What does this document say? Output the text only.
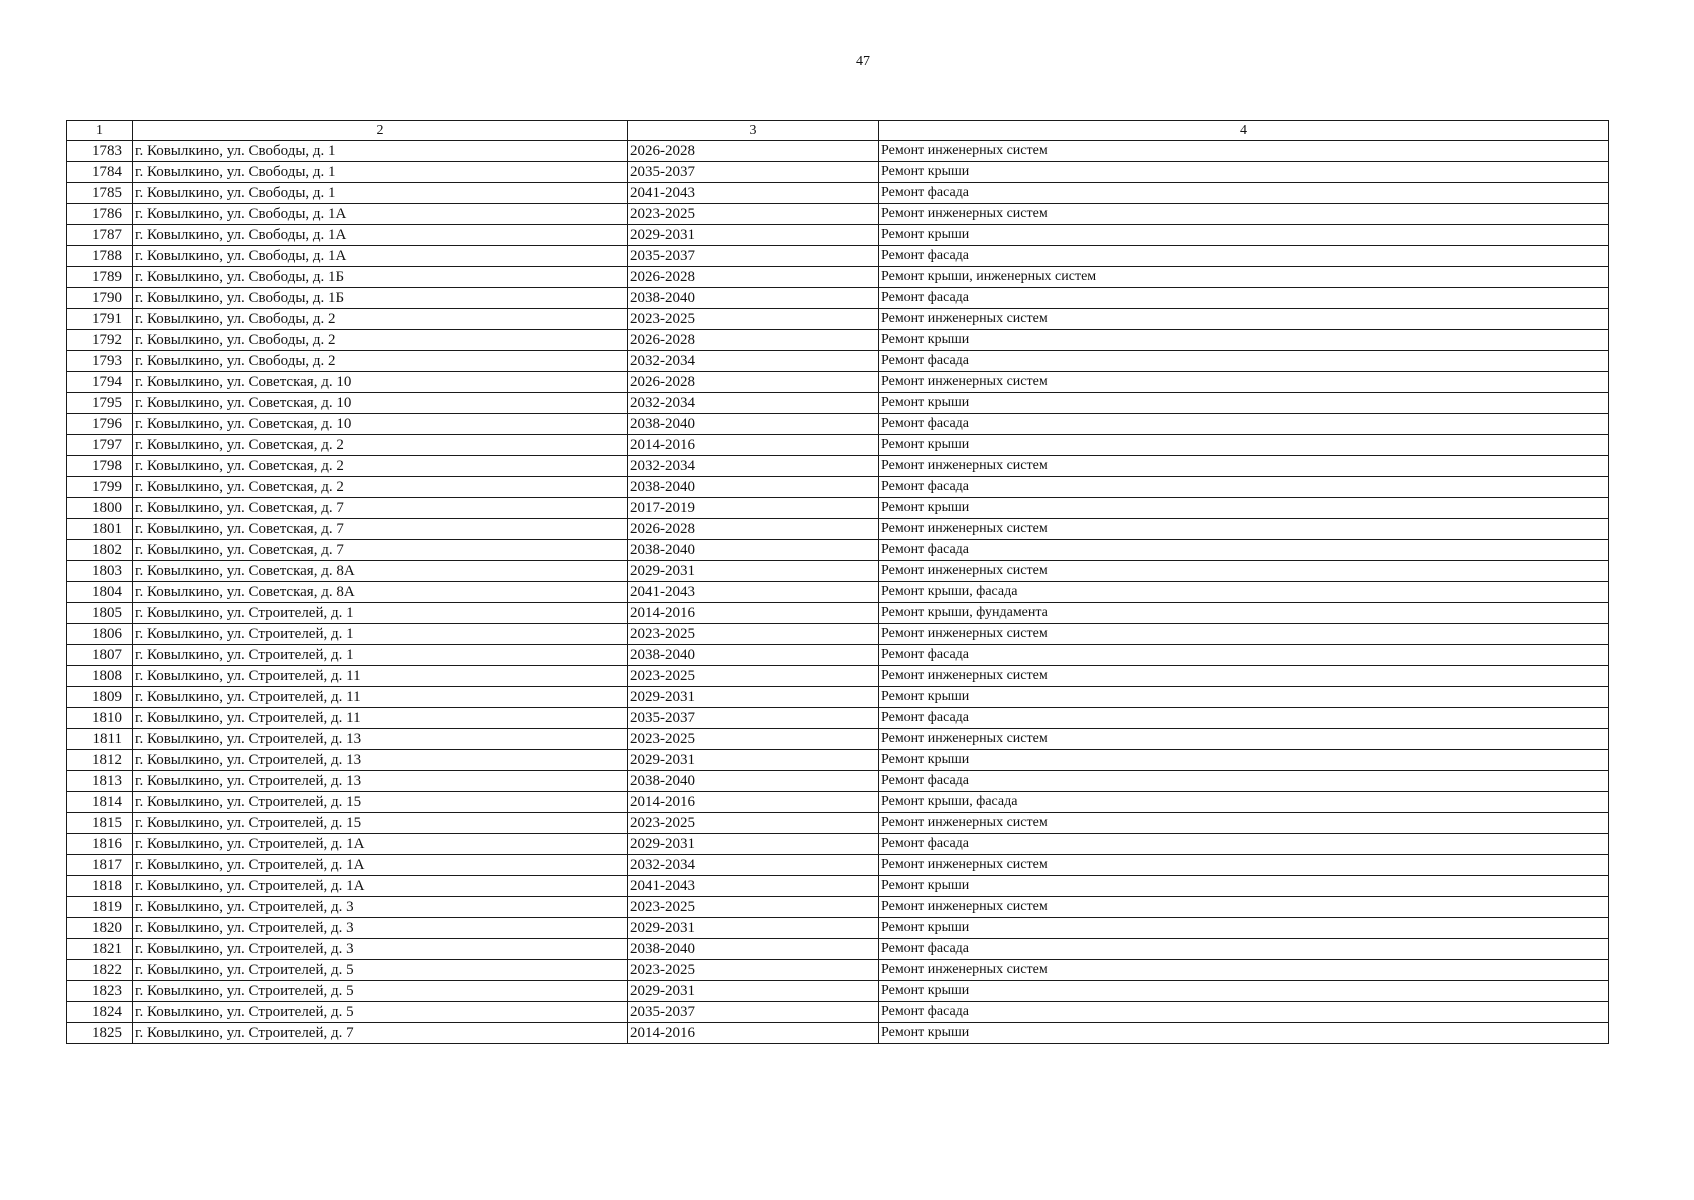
47
1	2	3	4
1783	г. Ковылкино, ул. Свободы, д. 1	2026-2028	Ремонт инженерных систем
1784	г. Ковылкино, ул. Свободы, д. 1	2035-2037	Ремонт крыши
1785	г. Ковылкино, ул. Свободы, д. 1	2041-2043	Ремонт фасада
1786	г. Ковылкино, ул. Свободы, д. 1А	2023-2025	Ремонт инженерных систем
1787	г. Ковылкино, ул. Свободы, д. 1А	2029-2031	Ремонт крыши
1788	г. Ковылкино, ул. Свободы, д. 1А	2035-2037	Ремонт фасада
1789	г. Ковылкино, ул. Свободы, д. 1Б	2026-2028	Ремонт крыши, инженерных систем
1790	г. Ковылкино, ул. Свободы, д. 1Б	2038-2040	Ремонт фасада
1791	г. Ковылкино, ул. Свободы, д. 2	2023-2025	Ремонт инженерных систем
1792	г. Ковылкино, ул. Свободы, д. 2	2026-2028	Ремонт крыши
1793	г. Ковылкино, ул. Свободы, д. 2	2032-2034	Ремонт фасада
1794	г. Ковылкино, ул. Советская, д. 10	2026-2028	Ремонт инженерных систем
1795	г. Ковылкино, ул. Советская, д. 10	2032-2034	Ремонт крыши
1796	г. Ковылкино, ул. Советская, д. 10	2038-2040	Ремонт фасада
1797	г. Ковылкино, ул. Советская, д. 2	2014-2016	Ремонт крыши
1798	г. Ковылкино, ул. Советская, д. 2	2032-2034	Ремонт инженерных систем
1799	г. Ковылкино, ул. Советская, д. 2	2038-2040	Ремонт фасада
1800	г. Ковылкино, ул. Советская, д. 7	2017-2019	Ремонт крыши
1801	г. Ковылкино, ул. Советская, д. 7	2026-2028	Ремонт инженерных систем
1802	г. Ковылкино, ул. Советская, д. 7	2038-2040	Ремонт фасада
1803	г. Ковылкино, ул. Советская, д. 8А	2029-2031	Ремонт инженерных систем
1804	г. Ковылкино, ул. Советская, д. 8А	2041-2043	Ремонт крыши, фасада
1805	г. Ковылкино, ул. Строителей, д. 1	2014-2016	Ремонт крыши, фундамента
1806	г. Ковылкино, ул. Строителей, д. 1	2023-2025	Ремонт инженерных систем
1807	г. Ковылкино, ул. Строителей, д. 1	2038-2040	Ремонт фасада
1808	г. Ковылкино, ул. Строителей, д. 11	2023-2025	Ремонт инженерных систем
1809	г. Ковылкино, ул. Строителей, д. 11	2029-2031	Ремонт крыши
1810	г. Ковылкино, ул. Строителей, д. 11	2035-2037	Ремонт фасада
1811	г. Ковылкино, ул. Строителей, д. 13	2023-2025	Ремонт инженерных систем
1812	г. Ковылкино, ул. Строителей, д. 13	2029-2031	Ремонт крыши
1813	г. Ковылкино, ул. Строителей, д. 13	2038-2040	Ремонт фасада
1814	г. Ковылкино, ул. Строителей, д. 15	2014-2016	Ремонт крыши, фасада
1815	г. Ковылкино, ул. Строителей, д. 15	2023-2025	Ремонт инженерных систем
1816	г. Ковылкино, ул. Строителей, д. 1А	2029-2031	Ремонт фасада
1817	г. Ковылкино, ул. Строителей, д. 1А	2032-2034	Ремонт инженерных систем
1818	г. Ковылкино, ул. Строителей, д. 1А	2041-2043	Ремонт крыши
1819	г. Ковылкино, ул. Строителей, д. 3	2023-2025	Ремонт инженерных систем
1820	г. Ковылкино, ул. Строителей, д. 3	2029-2031	Ремонт крыши
1821	г. Ковылкино, ул. Строителей, д. 3	2038-2040	Ремонт фасада
1822	г. Ковылкино, ул. Строителей, д. 5	2023-2025	Ремонт инженерных систем
1823	г. Ковылкино, ул. Строителей, д. 5	2029-2031	Ремонт крыши
1824	г. Ковылкино, ул. Строителей, д. 5	2035-2037	Ремонт фасада
1825	г. Ковылкино, ул. Строителей, д. 7	2014-2016	Ремонт крыши
